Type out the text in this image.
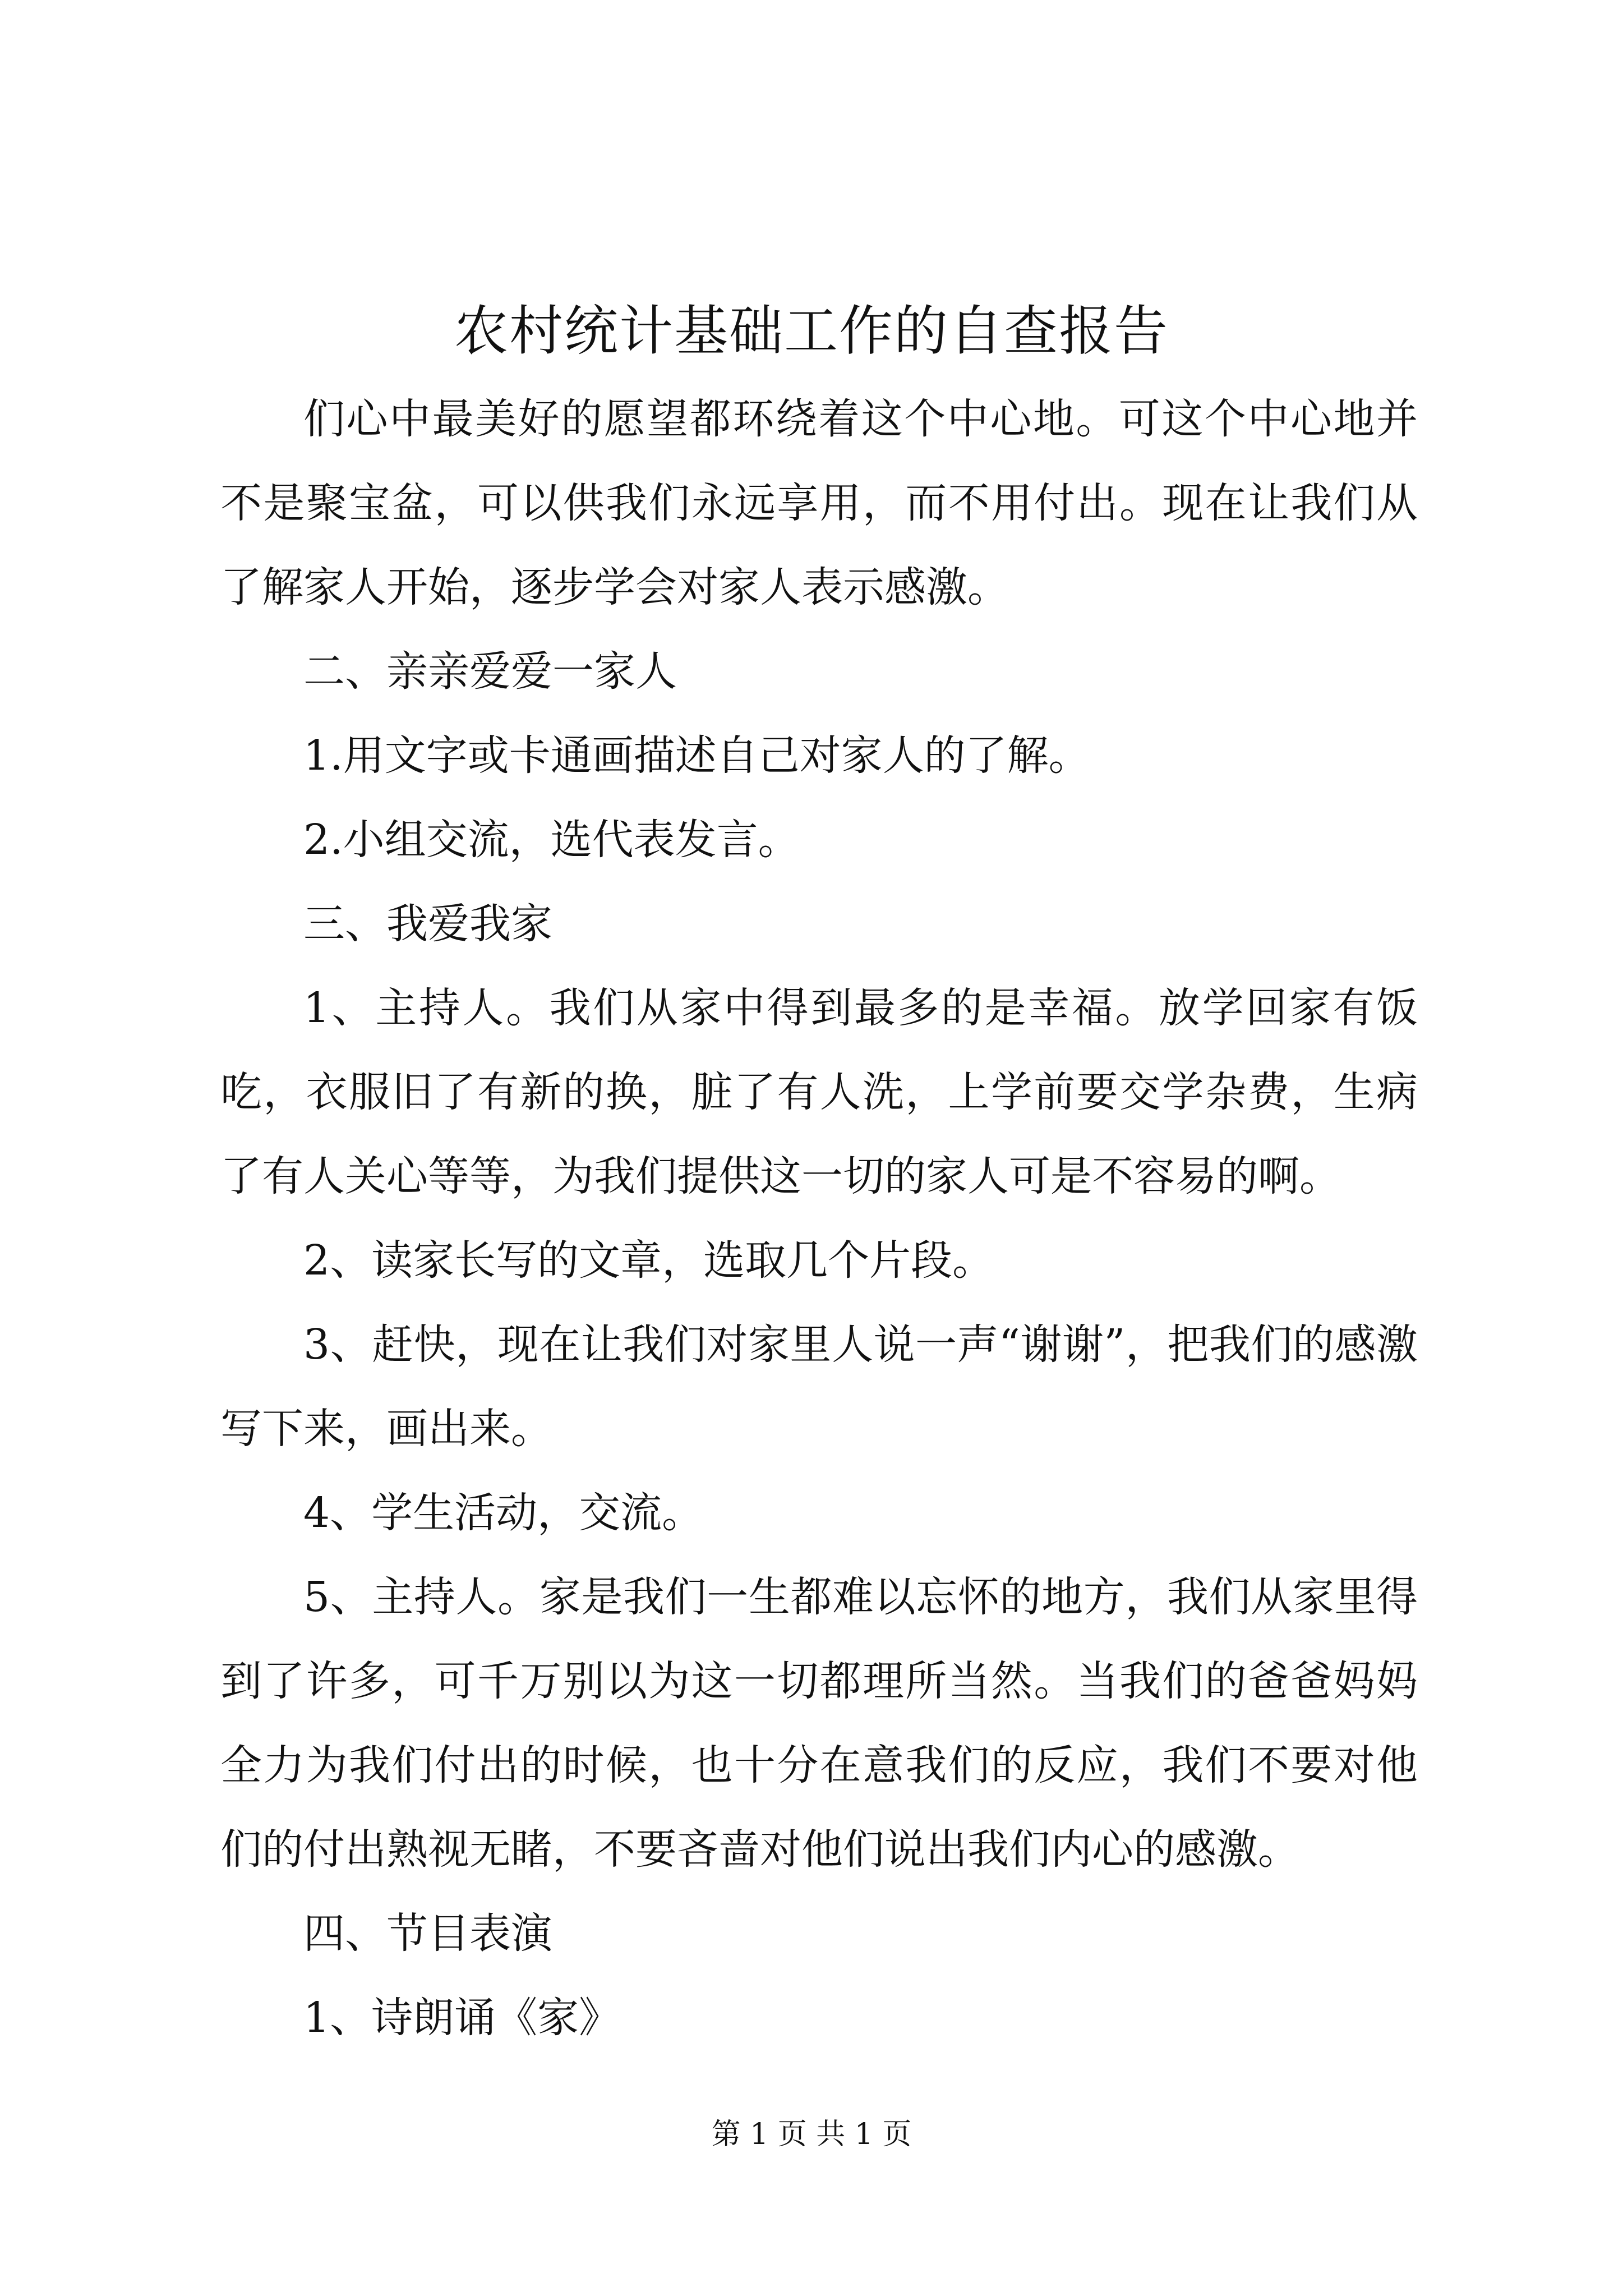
农村统计基础工作的自查报告

们心中最美好的愿望都环绕着这个中心地。可这个中心地并不是聚宝盆，可以供我们永远享用，而不用付出。现在让我们从了解家人开始，逐步学会对家人表示感激。

二、亲亲爱爱一家人

1.用文字或卡通画描述自己对家人的了解。

2.小组交流，选代表发言。

三、我爱我家

1、主持人。我们从家中得到最多的是幸福。放学回家有饭吃，衣服旧了有新的换，脏了有人洗，上学前要交学杂费，生病了有人关心等等，为我们提供这一切的家人可是不容易的啊。

2、读家长写的文章，选取几个片段。

3、赶快，现在让我们对家里人说一声“谢谢”，把我们的感激写下来，画出来。

4、学生活动，交流。

5、主持人。家是我们一生都难以忘怀的地方，我们从家里得到了许多，可千万别以为这一切都理所当然。当我们的爸爸妈妈全力为我们付出的时候，也十分在意我们的反应，我们不要对他们的付出熟视无睹，不要吝啬对他们说出我们内心的感激。

四、节目表演

1、诗朗诵《家》

第 1 页 共 1 页
